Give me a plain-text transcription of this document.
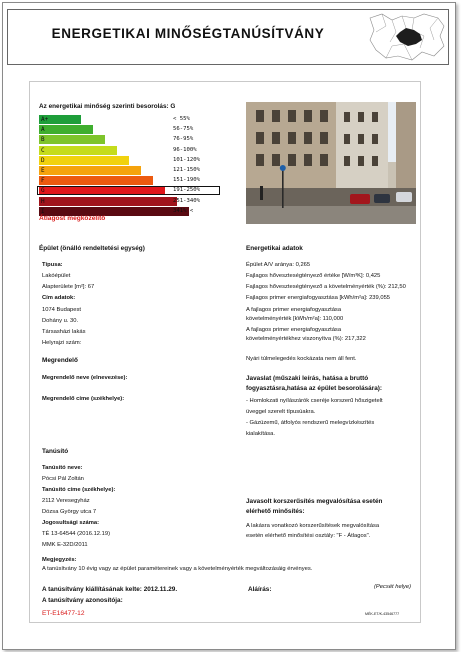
ENERGETIKAI MINŐSÉGTANÚSÍTVÁNY
Az energetikai minőség szerinti besorolás: G
A+	< 55%
A	56-75%
B	76-95%
C	96-100%
D	101-120%
E	121-150%
F	151-190%
G	191-250%
H	251-340%
I	341% <
Átlagost megközelítő
Épület (önálló rendeltetési egység)
Típusa:
Lakóépület
Alapterülete [m²]: 67
Cím adatok:
1074 Budapest
Dohány u. 30.
Társasházi lakás
Helyrajzi szám:
Energetikai adatok
Épület A/V aránya: 0,265
Fajlagos hőveszteségtényező értéke [W/m³K]: 0,425
Fajlagos hőveszteségtényező a követelményérték (%): 212,50
Fajlagos primer energiafogyasztása [kWh/m²a]: 239,055
A fajlagos primer energiafogyasztása
követelményérték [kWh/m²a]: 110,000
A fajlagos primer energiafogyasztása
követelményértékhez viszonyítva (%): 217,322
Nyári túlmelegedés kockázata nem áll fent.
Megrendelő
Megrendelő neve (elnevezése):
Megrendelő címe (székhelye):
Javaslat (műszaki leírás, hatása a bruttó
fogyasztásra,hatása az épület besorolására):
- Homlokzati nyílászárók cseréje korszerű hőszigetelt
üveggel szerelt típusúakra.
- Gázüzemű, átfolyós rendszerű melegvízkészítés
kialakítása.
Tanúsító
Tanúsító neve:
Pócsi Pál Zoltán
Tanúsító címe (székhelye):
2112 Veresegyház
Dózsa György utca 7
Jogosultsági száma:
TÉ 13-64544 (2016.12.19)
MMK E-32D/2011
Javasolt korszerűsítés megvalósítása esetén
elérhető minősítés:
A lakásra vonatkozó korszerűsítések megvalósítása
esetén elérhető minősítési osztály: "F - Átlagos".
Megjegyzés:
A tanúsítvány 10 évig vagy az épület paramétereinek vagy a követelményérték megváltozásáig érvényes.
A tanúsítvány kiállításának kelte: 2012.11.29.	Aláírás:	(Pecsét helye)
A tanúsítvány azonosítója:
ET-E16477-12	MÉK-ET/K-43546777
